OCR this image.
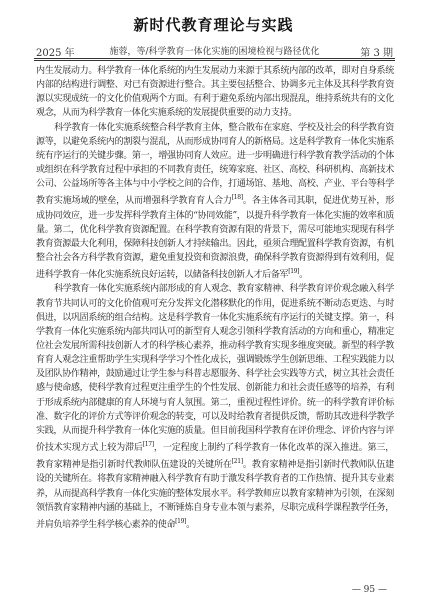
新时代教育理论与实践
2025 年	施蓉，等/科学教育一体化实施的困境检视与路径优化	第 3 期

内生发展动力。科学教育一体化系统的内生发展动力来源于其系统内部的改革，即对自身系统内部的结构进行调整、对已有资源进行整合。其主要包括整合、协调多元主体及其科学教育资源以实现成统一的文化价值观两个方面。有利于避免系统内部出现混乱，维持系统共有的文化观念，从而为科学教育一体化实施系统的发展提供重要的动力支持。

科学教育一体化实施系统整合科学教育主体，整合散布在家庭、学校及社会的科学教育资源等，以避免系统内的割裂与混乱，从而形成协同育人的新格局。这是科学教育一体化实施系统有序运行的关键步骤。第一，增强协同育人效应。进一步明确进行科学教育教学活动的个体或组织在科学教育过程中承担的不同教育责任，统筹家庭、社区、高校、科研机构、高新技术公司、公益场所等各主体与中小学校之间的合作，打通场馆、基地、高校、产业、平台等科学教育实施场域的壁垒，从而增强科学教育育人合力[18]。各主体各司其职，促进优势互补，形成协同效应，进一步发挥科学教育主体的“协同效能”，以提升科学教育一体化实施的效率和质量。第二，优化科学教育资源配置。在科学教育资源有限的背景下，需尽可能地实现现有科学教育资源最大化利用，保障科技创新人才持续输出。因此，亟须合理配置科学教育资源，有机整合社会各方科学教育资源，避免重复投资和资源浪费，确保科学教育资源得到有效利用，促进科学教育一体化实施系统良好运转，以储备科技创新人才后备军[19]。

科学教育一体化实施系统内部形成的育人观念、教育家精神、科学教育评价观念融入科学教育节共同认可的文化价值观可充分发挥文化潜移默化的作用，促进系统不断动态更迭、与时俱进，以巩固系统的组合结构。这是科学教育一体化实施系统有序运行的关键支撑。第一，科学教育一体化实施系统内部共同认可的新型育人观念引领科学教育活动的方向和重心，精准定位社会发展所需科技创新人才的科学核心素养，推动科学教育实现多维度突破。新型的科学教育育人观念注重帮助学生实现科学学习个性化成长，强调锻炼学生创新思维、工程实践能力以及团队协作精神，鼓励通过让学生参与科普志愿服务、科学社会实践等方式，树立其社会责任感与使命感，使科学教育过程更注重学生的个性发展、创新能力和社会责任感等的培养，有利于形成系统内部健康的育人环境与育人氛围。第二，重视过程性评价。统一的科学教育评价标准、数字化的评价方式等评价观念的转变，可以及时给教育者提供反馈，帮助其改进科学教学实践，从而提升科学教育一体化实施的质量。但目前我国科学教育在评价理念、评价内容与评价技术实现方式上较为滞后[17]，一定程度上制约了科学教育一体化改革的深入推进。第三，教育家精神是指引新时代教师队伍建设的关键所在[21]。教育家精神是指引新时代教师队伍建设的关键所在。将教育家精神融入科学教育有助于激发科学教育者的工作热情、提升其专业素养，从而提高科学教育一体化实施的整体发展水平。科学教师应以教育家精神为引领，在深刻领悟教育家精神内涵的基础上，不断锤炼自身专业本领与素养，尽职完成科学课程教学任务，并肩负培养学生科学核心素养的使命[19]。

— 95 —
